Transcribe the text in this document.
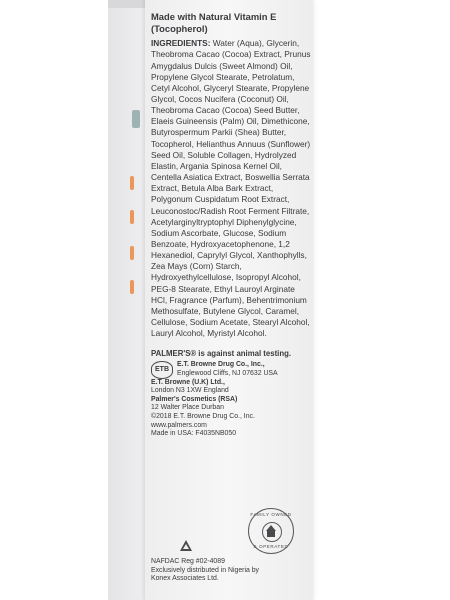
Made with Natural Vitamin E
(Tocopherol)

INGREDIENTS: Water (Aqua), Glycerin, Theobroma Cacao (Cocoa) Extract, Prunus Amygdalus Dulcis (Sweet Almond) Oil, Propylene Glycol Stearate, Petrolatum, Cetyl Alcohol, Glyceryl Stearate, Propylene Glycol, Cocos Nucifera (Coconut) Oil, Theobroma Cacao (Cocoa) Seed Butter, Elaeis Guineensis (Palm) Oil, Dimethicone, Butyrospermum Parkii (Shea) Butter, Tocopherol, Helianthus Annuus (Sunflower) Seed Oil, Soluble Collagen, Hydrolyzed Elastin, Argania Spinosa Kernel Oil, Centella Asiatica Extract, Boswellia Serrata Extract, Betula Alba Bark Extract, Polygonum Cuspidatum Root Extract, Leuconostoc/Radish Root Ferment Filtrate, Acetylarginyltryptophyl Diphenylglycine, Sodium Ascorbate, Glucose, Sodium Benzoate, Hydroxyacetophenone, 1,2 Hexanediol, Caprylyl Glycol, Xanthophylls, Zea Mays (Corn) Starch, Hydroxyethylcellulose, Isopropyl Alcohol, PEG-8 Stearate, Ethyl Lauroyl Arginate HCl, Fragrance (Parfum), Behentrimonium Methosulfate, Butylene Glycol, Caramel, Cellulose, Sodium Acetate, Stearyl Alcohol, Lauryl Alcohol, Myristyl Alcohol.

PALMER'S® is against animal testing.

ETB

E.T. Browne Drug Co., Inc.,
Englewood Cliffs, NJ 07632 USA

E.T. Browne (U.K) Ltd.,
London N3 1XW England

Palmer's Cosmetics (RSA)
12 Walter Place Durban
©2018 E.T. Browne Drug Co., Inc.
www.palmers.com
Made in USA: F4035NB050

FAMILY OWNED
& OPERATED

NAFDAC Reg #02-4089
Exclusively distributed in Nigeria by
Konex Associates Ltd.
